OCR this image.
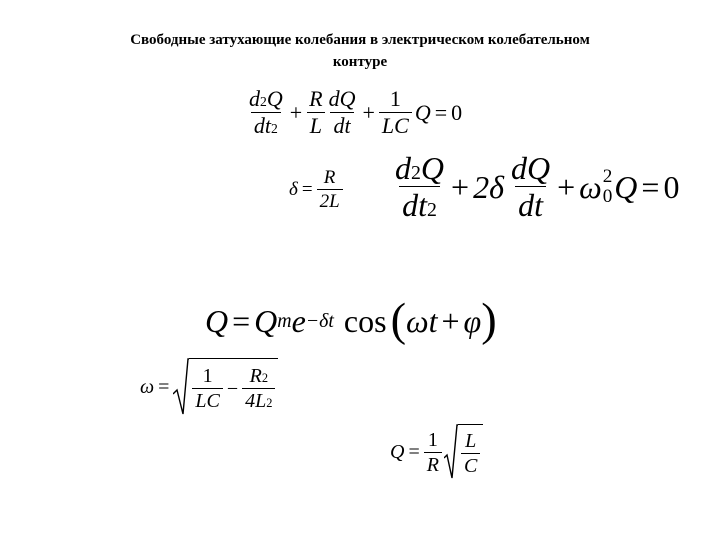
Свободные затухающие колебания в электрическом колебательном
контуре
$\frac{d 2 Q}{dt 2} + \frac{R}{L} \frac{dQ}{dt} + \frac{1}{LC}$ Q = 0
$\delta = \frac{R}{2L} \frac{d 2 Q}{dt 2} + 2\delta \frac{dQ}{dt} + \omega$ 2
0 Q = 0
Q = Q m e −δt cos ( ωt + φ )
$\omega = \frac{1}{LC} - \frac{R 2}{4L 2}$
$Q = \frac{1}{R} \frac{L}{C}$
